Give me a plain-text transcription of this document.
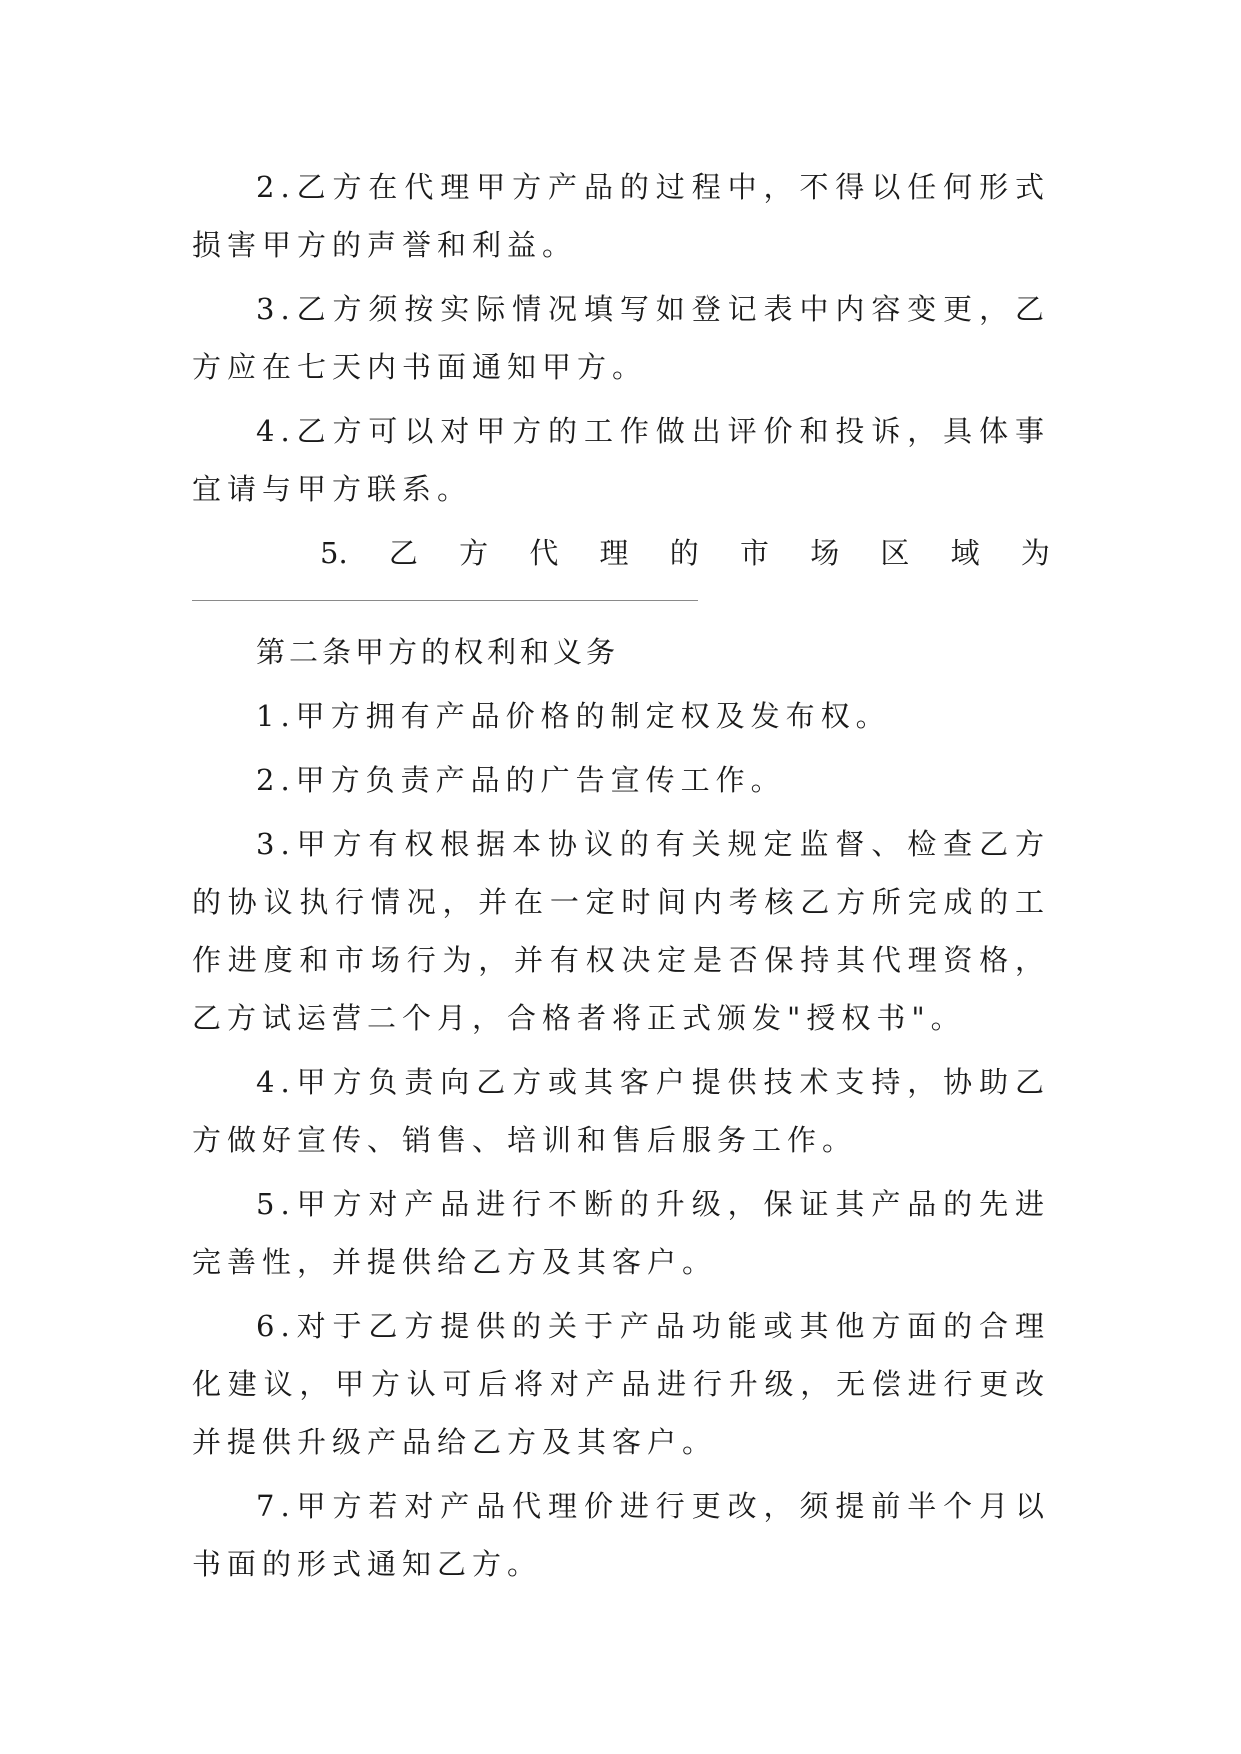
2.乙方在代理甲方产品的过程中，不得以任何形式损害甲方的声誉和利益。

3.乙方须按实际情况填写如登记表中内容变更，乙方应在七天内书面通知甲方。

4.乙方可以对甲方的工作做出评价和投诉，具体事宜请与甲方联系。

5. 乙 方 代 理 的 市 场 区 域 为

第二条甲方的权利和义务

1.甲方拥有产品价格的制定权及发布权。

2.甲方负责产品的广告宣传工作。

3.甲方有权根据本协议的有关规定监督、检查乙方的协议执行情况，并在一定时间内考核乙方所完成的工作进度和市场行为，并有权决定是否保持其代理资格，乙方试运营二个月，合格者将正式颁发"授权书"。

4.甲方负责向乙方或其客户提供技术支持，协助乙方做好宣传、销售、培训和售后服务工作。

5.甲方对产品进行不断的升级，保证其产品的先进完善性，并提供给乙方及其客户。

6.对于乙方提供的关于产品功能或其他方面的合理化建议，甲方认可后将对产品进行升级，无偿进行更改并提供升级产品给乙方及其客户。

7.甲方若对产品代理价进行更改，须提前半个月以书面的形式通知乙方。
